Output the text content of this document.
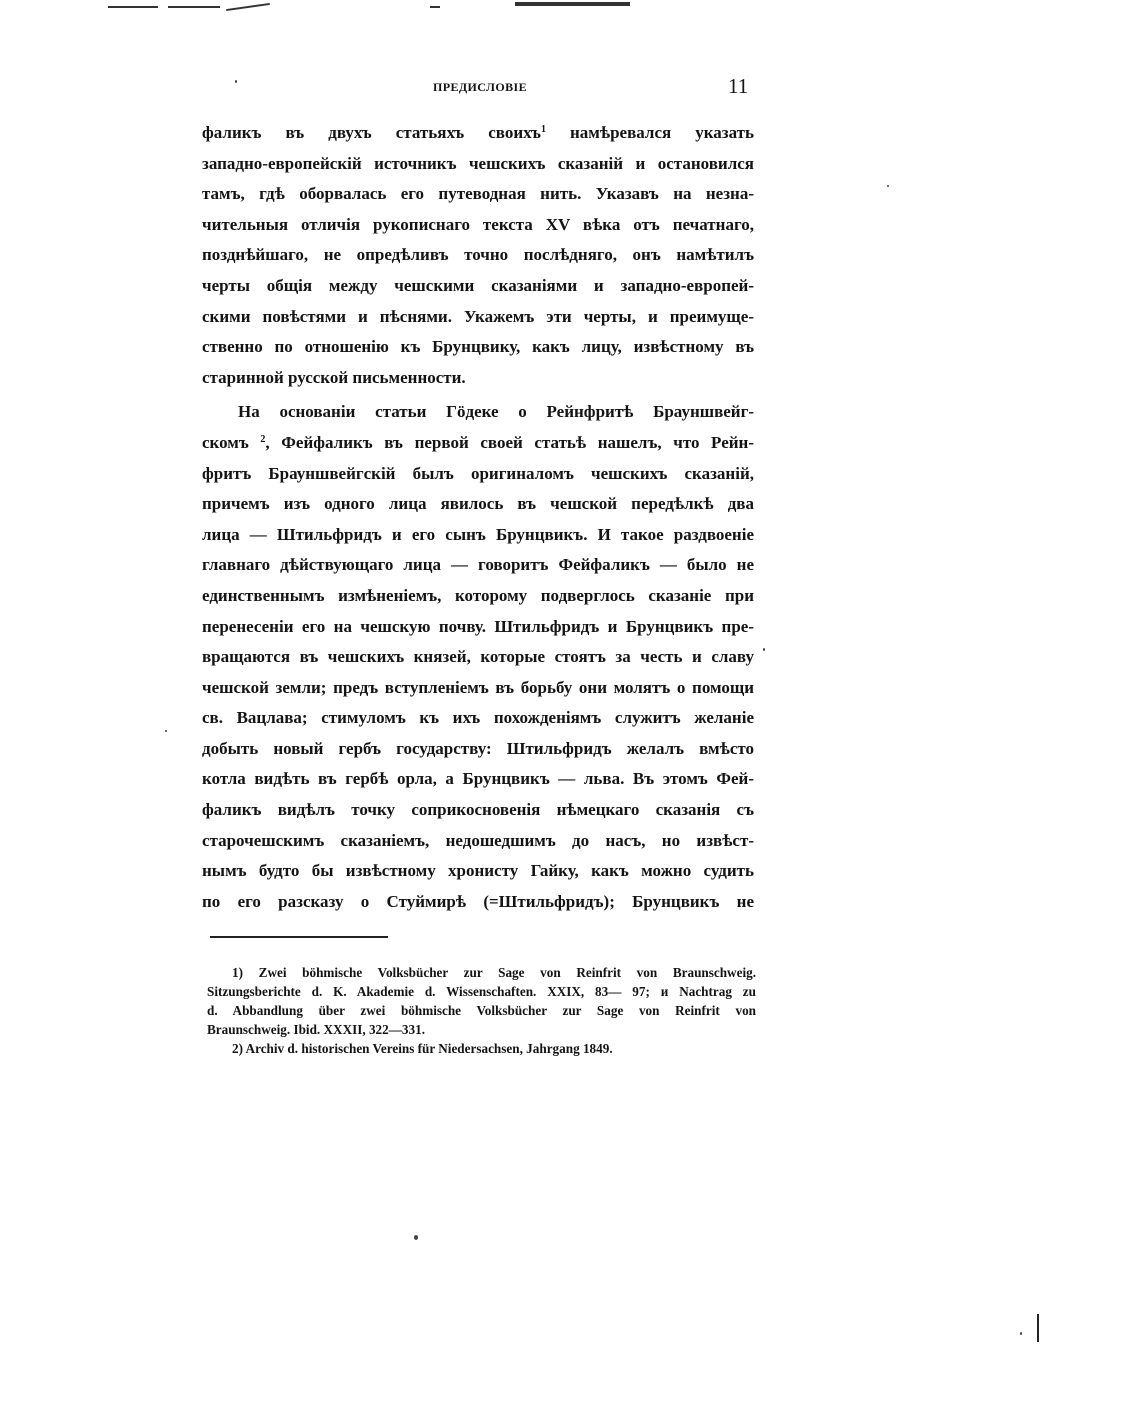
ПРЕДИСЛОВІЕ	11
фаликъ въ двухъ статьяхъ своихъ$^1$ намѣревался указать
западно-европейскій источникъ чешскихъ сказаній и остановился
тамъ, гдѣ оборвалась его путеводная нить. Указавъ на незна-
чительныя отличія рукописнаго текста XV вѣка отъ печатнаго,
позднѣйшаго, не опредѣливъ точно послѣдняго, онъ намѣтилъ
черты общія между чешскими сказаніями и западно-европей-
скими повѣстями и пѣснями. Укажемъ эти черты, и преимуще-
ственно по отношенію къ Брунцвику, какъ лицу, извѣстному въ
старинной русской письменности.
На основаніи статьи Гöдеке о Рейнфритѣ Брауншвейг-
скомъ $^2$, Фейфаликъ въ первой своей статьѣ нашелъ, что Рейн-
фритъ Брауншвейгскій былъ оригиналомъ чешскихъ сказаній,
причемъ изъ одного лица явилось въ чешской передѣлкѣ два
лица — Штильфридъ и его сынъ Брунцвикъ. И такое раздвоеніе
главнаго дѣйствующаго лица — говоритъ Фейфаликъ — было не
единственнымъ измѣненіемъ, которому подверглось сказаніе при
перенесеніи его на чешскую почву. Штильфридъ и Брунцвикъ пре-
вращаются въ чешскихъ князей, которые стоятъ за честь и славу
чешской земли; предъ вступленіемъ въ борьбу они молятъ о помощи
св. Вацлава; стимуломъ къ ихъ похожденіямъ служитъ желаніе
добыть новый гербъ государству: Штильфридъ желалъ вмѣсто
котла видѣть въ гербѣ орла, а Брунцвикъ — льва. Въ этомъ Фей-
фаликъ видѣлъ точку соприкосновенія нѣмецкаго сказанія съ
старочешскимъ сказаніемъ, недошедшимъ до насъ, но извѣст-
нымъ будто бы извѣстному хронисту Гайку, какъ можно судить
по его разсказу о Стуймирѣ (=Штильфридъ); Брунцвикъ не
1) Zwei böhmische Volksbücher zur Sage von Reinfrit von Braunschweig.
Sitzungsberichte d. K. Akademie d. Wissenschaften. XXIX, 83— 97; и Nachtrag zu
d. Abbandlung über zwei böhmische Volksbücher zur Sage von Reinfrit von
Braunschweig. Ibid. XXXII, 322—331.
2) Archiv d. historischen Vereins für Niedersachsen, Jahrgang 1849.
